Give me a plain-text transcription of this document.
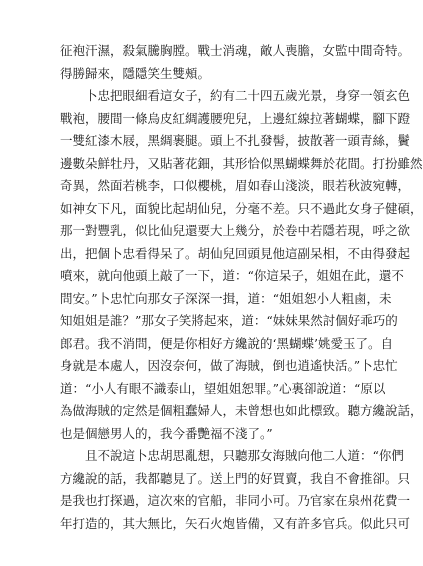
征袍汗濕，殺氣騰胸膛。戰士消魂，敵人喪膽，女監中間奇特。
得勝歸來，隱隱笑生雙頰。
　　卜忠把眼細看這女子，約有二十四五歲光景，身穿一領玄色
戰袍，腰間一條烏皮紅綢護腰兜兒，上邊紅線拉著蝴蝶，腳下蹬
一雙紅漆木屐，黑綢裹腿。頭上不扎發髻，披散著一頭青絲，鬢
邊數朵鮮牡丹，又貼著花鈿，其形恰似黑蝴蝶舞於花間。打扮雖然
奇異，然面若桃李，口似櫻桃，眉如春山淺淡，眼若秋波宛轉，
如神女下凡，面貌比起胡仙兒，分毫不差。只不過此女身子健碩，
那一對豐乳，似比仙兒還要大上幾分，於卷中若隱若現，呼之欲
出，把個卜忠看得呆了。胡仙兒回頭見他這副呆相，不由得發起
噴來，就向他頭上敲了一下，道：“你這呆子，姐姐在此，還不
問安。”卜忠忙向那女子深深一揖，道：“姐姐恕小人粗鹵，未
知姐姐是誰？”那女子笑將起來，道：“妹妹果然討個好乖巧的
郎君。我不消問，便是你相好方纔說的‘黑蝴蝶’姚愛玉了。自
身就是本處人，因沒奈何，做了海賊，倒也逍遙快活。”卜忠忙
道：“小人有眼不識泰山，望姐姐恕罪。”心裏卻說道：“原以
為做海賊的定然是個粗蠢婦人，未曾想也如此標致。聽方纔說話，
也是個戀男人的，我今番艷福不淺了。”
　　且不說這卜忠胡思亂想，只聽那女海賊向他二人道：“你們
方纔說的話，我都聽見了。送上門的好買賣，我自不會推卻。只
是我也打探過，這次來的官船，非同小可。乃官家在泉州花費一
年打造的，其大無比，矢石火炮皆備，又有許多官兵。似此只可
